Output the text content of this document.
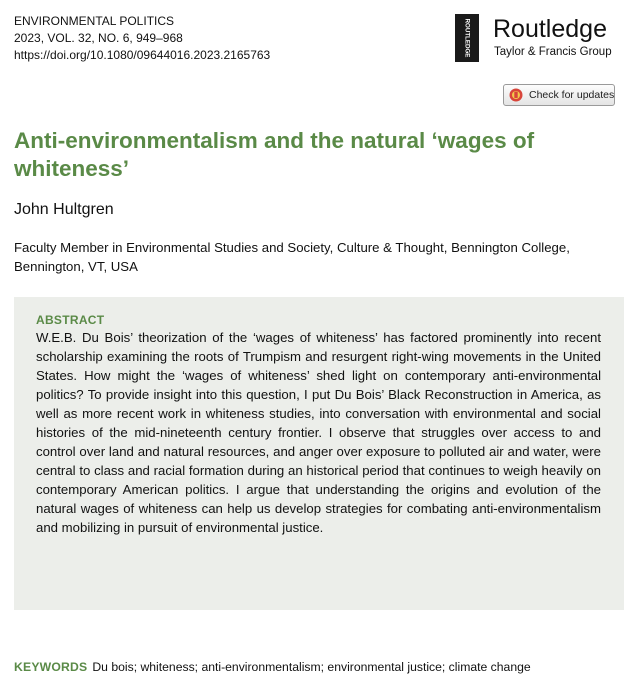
ENVIRONMENTAL POLITICS
2023, VOL. 32, NO. 6, 949–968
https://doi.org/10.1080/09644016.2023.2165763	ROUTLEDGE Routledge
Taylor & Francis Group
Check for updates
Anti-environmentalism and the natural ‘wages of whiteness’
John Hultgren
Faculty Member in Environmental Studies and Society, Culture & Thought, Bennington College, Bennington, VT, USA
ABSTRACT

W.E.B. Du Bois’ theorization of the ‘wages of whiteness’ has factored prominently into recent scholarship examining the roots of Trumpism and resurgent right-wing movements in the United States. How might the ‘wages of whiteness’ shed light on contemporary anti-environmental politics? To provide insight into this question, I put Du Bois’ Black Reconstruction in America, as well as more recent work in whiteness studies, into conversation with environmental and social histories of the mid-nineteenth century frontier. I observe that struggles over access to and control over land and natural resources, and anger over exposure to polluted air and water, were central to class and racial formation during an historical period that continues to weigh heavily on contemporary American politics. I argue that understanding the origins and evolution of the natural wages of whiteness can help us develop strategies for combating anti-environmentalism and mobilizing in pursuit of environmental justice.

KEYWORDS Du bois; whiteness; anti-environmentalism; environmental justice; climate change
